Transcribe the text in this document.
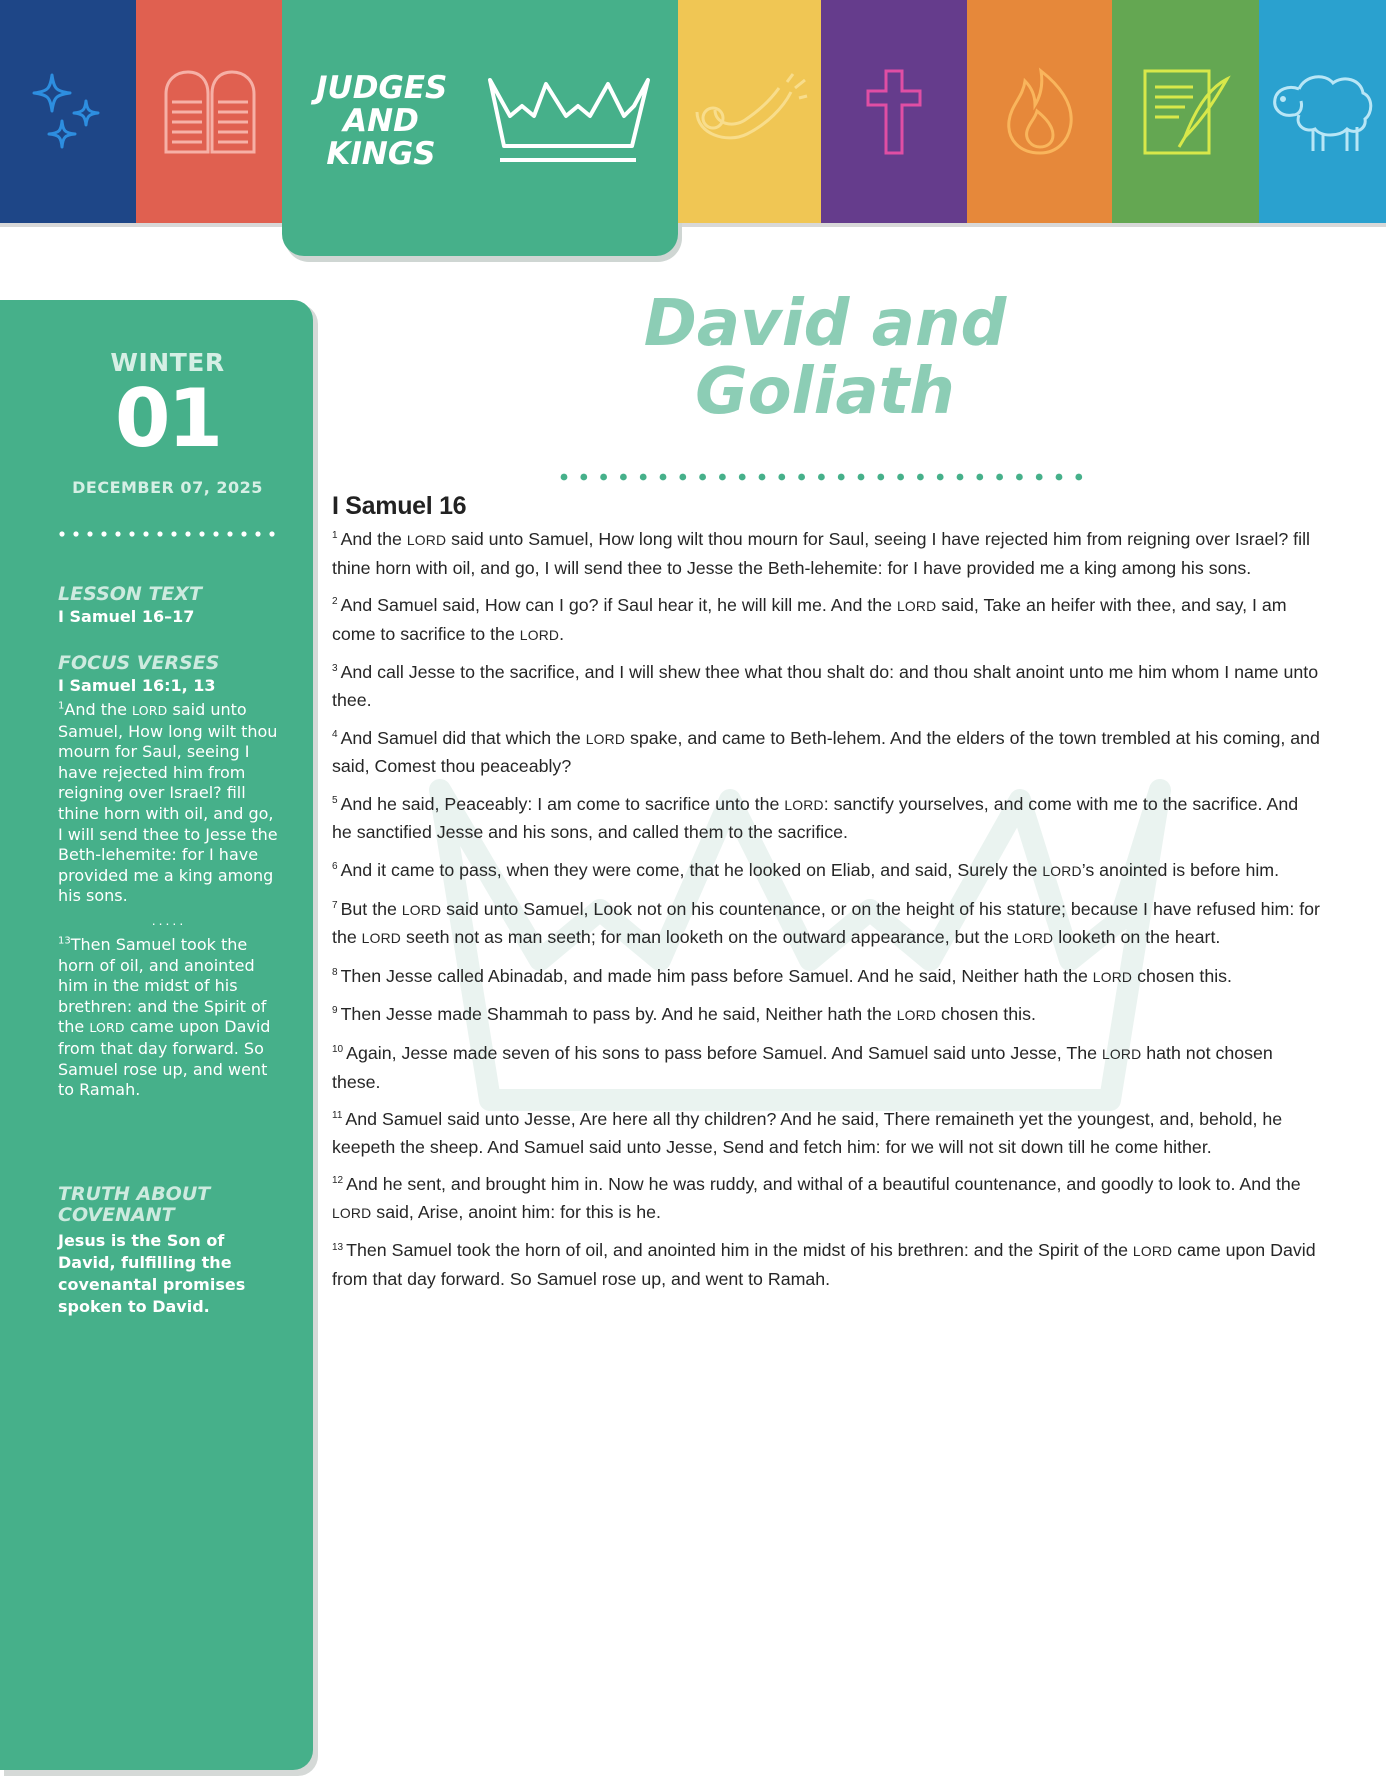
JUDGES
AND
KINGS
WINTER
01
DECEMBER 07, 2025
LESSON TEXT
I Samuel 16–17
FOCUS VERSES
I Samuel 16:1, 13
$^1$And the LORD said unto Samuel, How long wilt thou mourn for Saul, seeing I have rejected him from reigning over Israel? fill thine horn with oil, and go, I will send thee to Jesse the Beth-lehemite: for I have provided me a king among his sons.
.....
$^{13}$Then Samuel took the horn of oil, and anointed him in the midst of his brethren: and the Spirit of the LORD came upon David from that day forward. So Samuel rose up, and went to Ramah.
TRUTH ABOUT COVENANT
Jesus is the Son of David, fulfilling the covenantal promises spoken to David.
David and
Goliath
I Samuel 16

$^1$ And the LORD said unto Samuel, How long wilt thou mourn for Saul, seeing I have rejected him from reigning over Israel? fill thine horn with oil, and go, I will send thee to Jesse the Beth-lehemite: for I have provided me a king among his sons.

$^2$ And Samuel said, How can I go? if Saul hear it, he will kill me. And the LORD said, Take an heifer with thee, and say, I am come to sacrifice to the LORD.

$^3$ And call Jesse to the sacrifice, and I will shew thee what thou shalt do: and thou shalt anoint unto me him whom I name unto thee.

$^4$ And Samuel did that which the LORD spake, and came to Beth-lehem. And the elders of the town trembled at his coming, and said, Comest thou peaceably?

$^5$ And he said, Peaceably: I am come to sacrifice unto the LORD: sanctify yourselves, and come with me to the sacrifice. And he sanctified Jesse and his sons, and called them to the sacrifice.

$^6$ And it came to pass, when they were come, that he looked on Eliab, and said, Surely the LORD’s anointed is before him.

$^7$ But the LORD said unto Samuel, Look not on his countenance, or on the height of his stature; because I have refused him: for the LORD seeth not as man seeth; for man looketh on the outward appearance, but the LORD looketh on the heart.

$^8$ Then Jesse called Abinadab, and made him pass before Samuel. And he said, Neither hath the LORD chosen this.

$^9$ Then Jesse made Shammah to pass by. And he said, Neither hath the LORD chosen this.

$^{10}$ Again, Jesse made seven of his sons to pass before Samuel. And Samuel said unto Jesse, The LORD hath not chosen these.

$^{11}$ And Samuel said unto Jesse, Are here all thy children? And he said, There remaineth yet the youngest, and, behold, he keepeth the sheep. And Samuel said unto Jesse, Send and fetch him: for we will not sit down till he come hither.

$^{12}$ And he sent, and brought him in. Now he was ruddy, and withal of a beautiful countenance, and goodly to look to. And the LORD said, Arise, anoint him: for this is he.

$^{13}$ Then Samuel took the horn of oil, and anointed him in the midst of his brethren: and the Spirit of the LORD came upon David from that day forward. So Samuel rose up, and went to Ramah.
